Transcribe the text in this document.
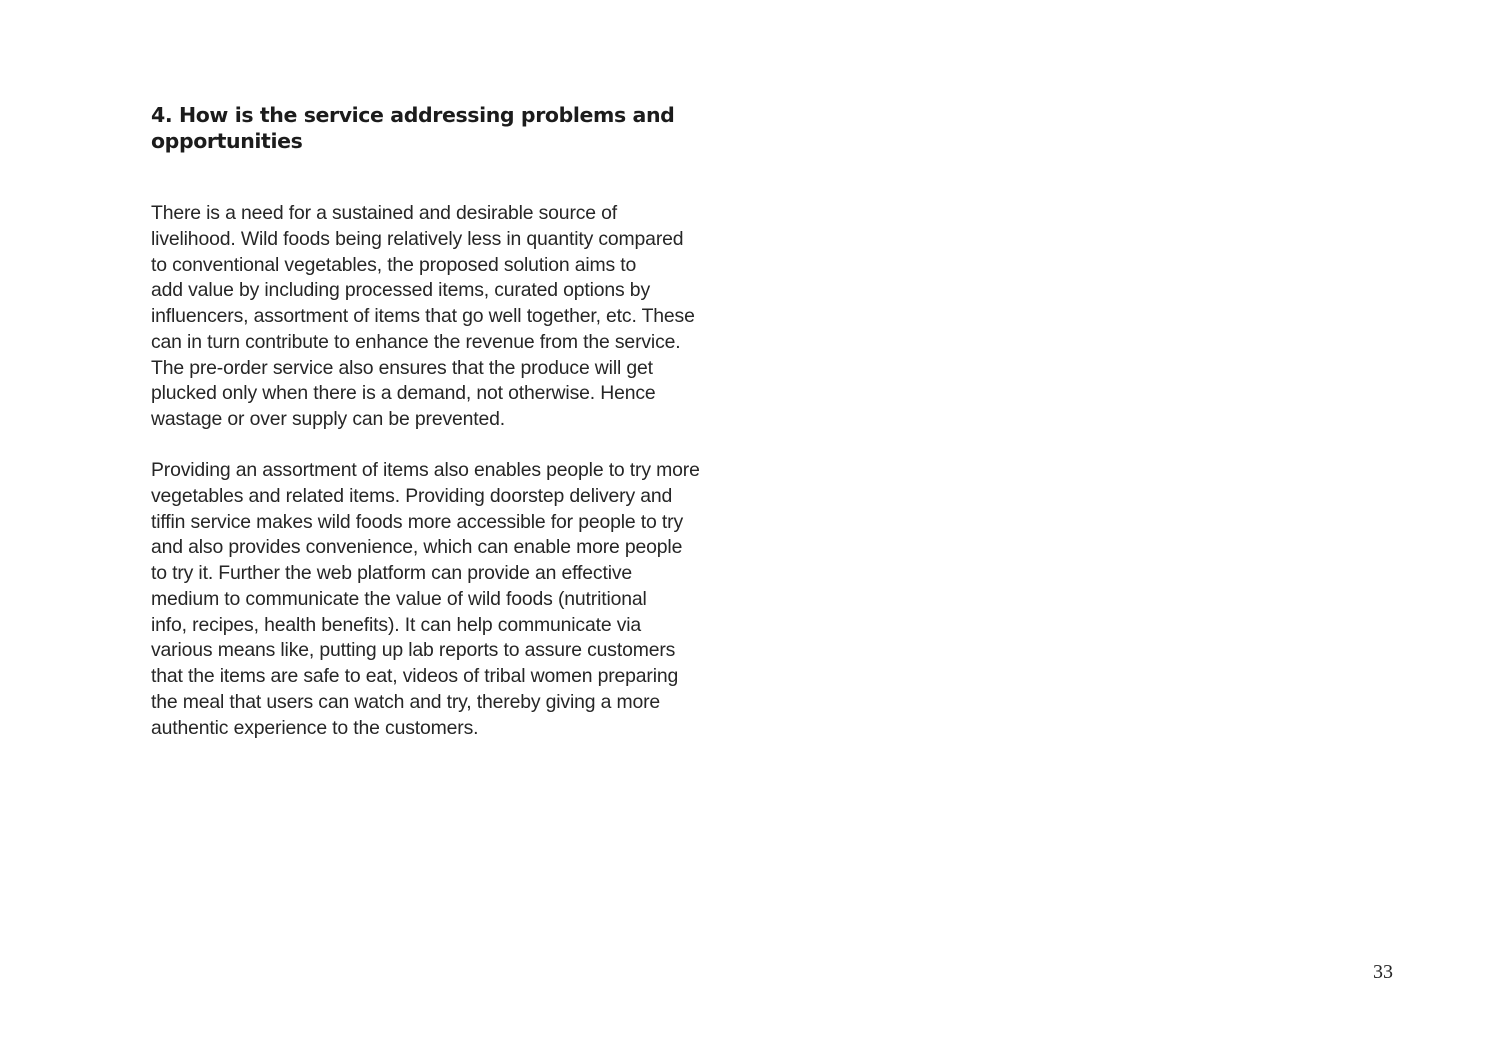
4. How is the service addressing problems and
opportunities

There is a need for a sustained and desirable source of
livelihood. Wild foods being relatively less in quantity compared
to conventional vegetables, the proposed solution aims to
add value by including processed items, curated options by
influencers, assortment of items that go well together, etc. These
can in turn contribute to enhance the revenue from the service.
The pre-order service also ensures that the produce will get
plucked only when there is a demand, not otherwise. Hence
wastage or over supply can be prevented.

Providing an assortment of items also enables people to try more
vegetables and related items. Providing doorstep delivery and
tiffin service makes wild foods more accessible for people to try
and also provides convenience, which can enable more people
to try it. Further the web platform can provide an effective
medium to communicate the value of wild foods (nutritional
info, recipes, health benefits). It can help communicate via
various means like, putting up lab reports to assure customers
that the items are safe to eat, videos of tribal women preparing
the meal that users can watch and try, thereby giving a more
authentic experience to the customers.

33
